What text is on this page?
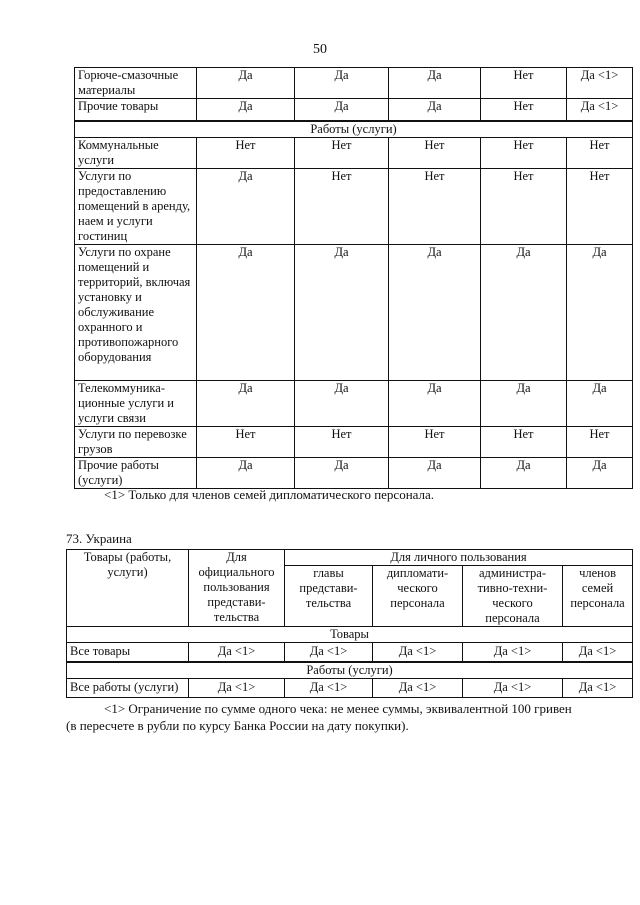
50
Горюче-смазочные материалы	Да	Да	Да	Нет	Да <1>
Прочие товары	Да	Да	Да	Нет	Да <1>
Работы (услуги)					
Коммунальные услуги	Нет	Нет	Нет	Нет	Нет
Услуги по предоставлению помещений в аренду, наем и услуги гостиниц	Да	Нет	Нет	Нет	Нет
Услуги по охране помещений и территорий, включая установку и обслуживание охранного и противопожарного оборудования	Да	Да	Да	Да	Да
Телекоммуника-ционные услуги и услуги связи	Да	Да	Да	Да	Да
Услуги по перевозке грузов	Нет	Нет	Нет	Нет	Нет
Прочие работы (услуги)	Да	Да	Да	Да	Да
<1> Только для членов семей дипломатического персонала.
73. Украина
Товары (работы, услуги)	Для официального пользования представи-тельства	Для личного пользования			
		главы представи-тельства	дипломати-ческого персонала	администра-тивно-техни-ческого персонала	членов семей персонала
Товары					
Все товары	Да <1>	Да <1>	Да <1>	Да <1>	Да <1>
Работы (услуги)					
Все работы (услуги)	Да <1>	Да <1>	Да <1>	Да <1>	Да <1>
<1> Ограничение по сумме одного чека: не менее суммы, эквивалентной 100 гривен
(в пересчете в рубли по курсу Банка России на дату покупки).
